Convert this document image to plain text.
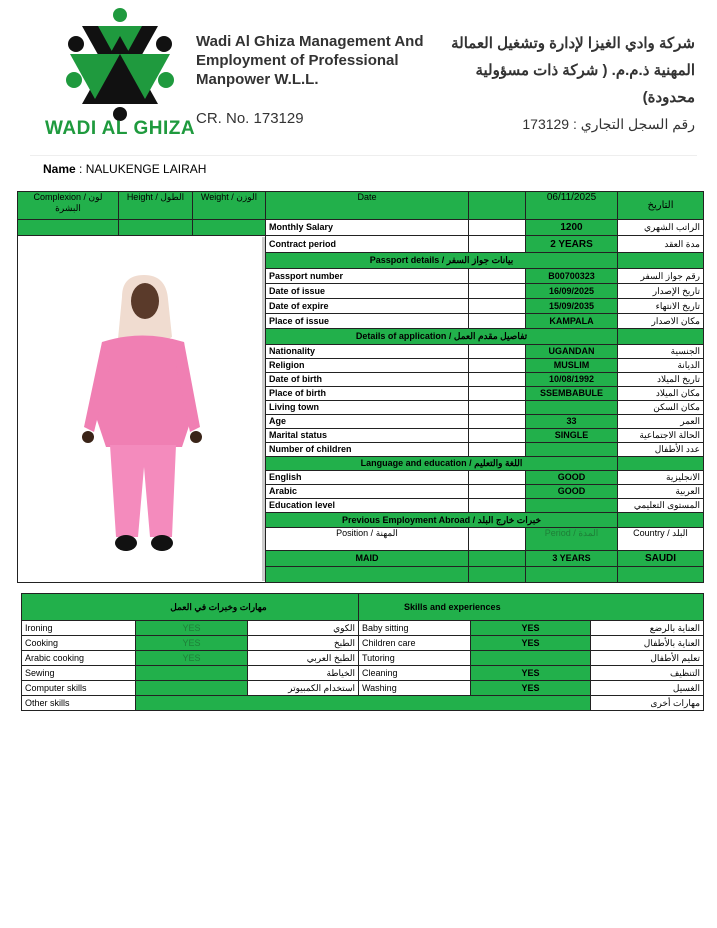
WADI AL GHIZA
Wadi Al Ghiza Management And
Employment of Professional
Manpower W.L.L.
CR. No. 173129
شركة وادي الغيزا لإدارة وتشغيل العمالة
المهنية ذ.م.م. ( شركة ذات مسؤولية
محدودة)
رقم السجل التجاري : 173129
Name : NALUKENGE LAIRAH
Complexion / لون البشرة	Height / الطول	Weight / الوزن	Date		06/11/2025	التاريخ
			Monthly Salary		1200	الراتب الشهري
			Contract period		2 YEARS	مدة العقد
			Passport details / بيانات جواز السفر			
			Passport number		B00700323	رقم جواز السفر
			Date of issue		16/09/2025	تاريخ الإصدار
			Date of expire		15/09/2035	تاريخ الانتهاء
			Place of issue		KAMPALA	مكان الاصدار
			Details of application / تفاصيل مقدم العمل			
			Nationality		UGANDAN	الجنسية
			Religion		MUSLIM	الديانة
			Date of birth		10/08/1992	تاريخ الميلاد
			Place of birth		SSEMBABULE	مكان الميلاد
			Living town			مكان السكن
			Age		33	العمر
			Marital status		SINGLE	الحالة الاجتماعية
			Number of children			عدد الأطفال
			Language and education / اللغة والتعليم			
			English		GOOD	الانجليزية
			Arabic		GOOD	العربية
			Education level			المستوى التعليمي
			Previous Employment Abroad / خبرات خارج البلد			
			Position / المهنة		Period / المدة	Country / البلد
			MAID		3 YEARS	SAUDI

مهارات وخبرات في العمل			Skills and experiences		
Ironing	YES	الكوي	Baby sitting	YES	العناية بالرضع
Cooking	YES	الطبخ	Children care	YES	العناية بالأطفال
Arabic cooking	YES	الطبخ العربي	Tutoring		تعليم الأطفال
Sewing		الخياطة	Cleaning	YES	التنظيف
Computer skills		استخدام الكمبيوتر	Washing	YES	الغسيل
Other skills					مهارات أخرى
